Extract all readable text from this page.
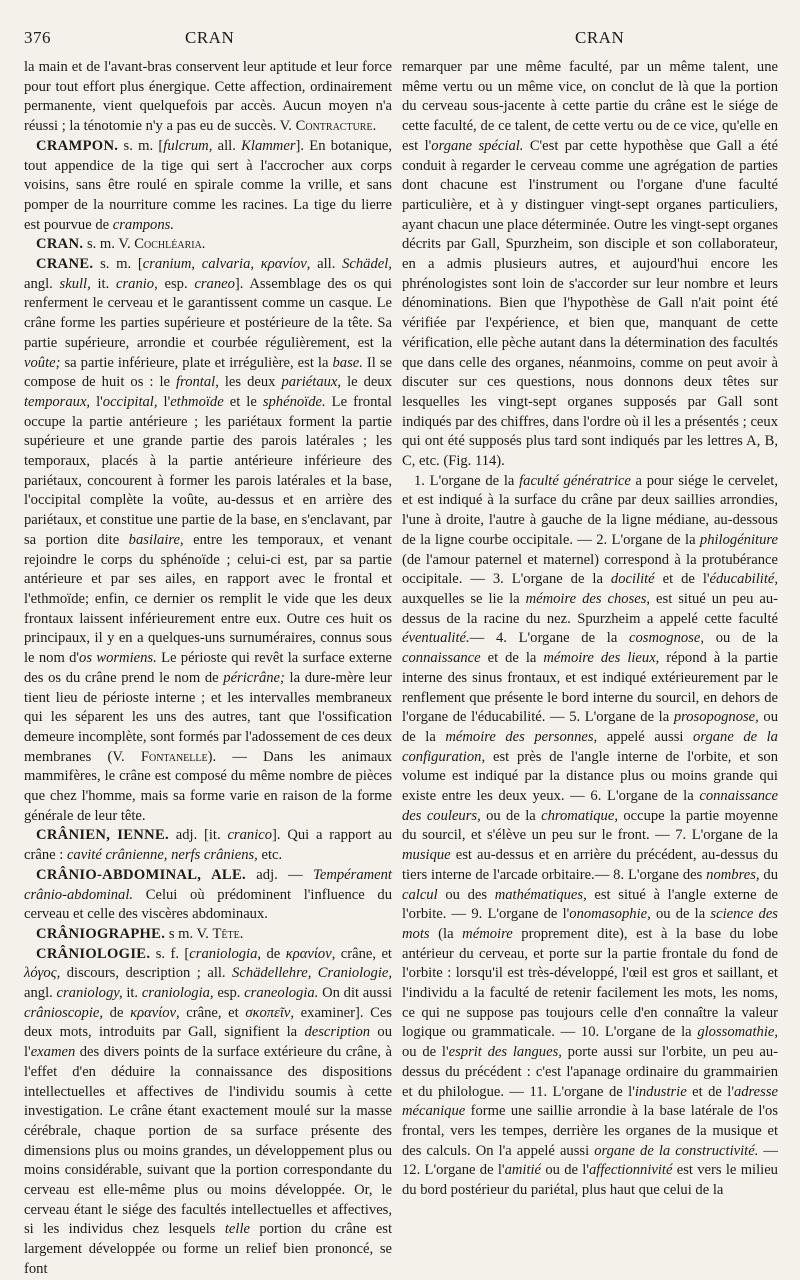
376	CRAN	CRAN

la main et de l'avant-bras conservent leur aptitude et leur force pour tout effort plus énergique. Cette affection, ordinairement permanente, vient quelquefois par accès. Aucun moyen n'a réussi ; la ténotomie n'y a pas eu de succès. V. Contracture.

CRAMPON. s. m. [fulcrum, all. Klammer]. En botanique, tout appendice de la tige qui sert à l'accrocher aux corps voisins, sans être roulé en spirale comme la vrille, et sans pomper de la nourriture comme les racines. La tige du lierre est pourvue de crampons.

CRAN. s. m. V. Cochléaria.

CRANE. s. m. [cranium, calvaria, κρανίον, all. Schädel, angl. skull, it. cranio, esp. craneo]. Assemblage des os qui renferment le cerveau et le garantissent comme un casque. Le crâne forme les parties supérieure et postérieure de la tête. Sa partie supérieure, arrondie et courbée régulièrement, est la voûte; sa partie inférieure, plate et irrégulière, est la base. Il se compose de huit os : le frontal, les deux pariétaux, le deux temporaux, l'occipital, l'ethmoïde et le sphénoïde. Le frontal occupe la partie antérieure ; les pariétaux forment la partie supérieure et une grande partie des parois latérales ; les temporaux, placés à la partie antérieure inférieure des pariétaux, concourent à former les parois latérales et la base, l'occipital complète la voûte, au-dessus et en arrière des pariétaux, et constitue une partie de la base, en s'enclavant, par sa portion dite basilaire, entre les temporaux, et venant rejoindre le corps du sphénoïde ; celui-ci est, par sa partie antérieure et par ses ailes, en rapport avec le frontal et l'ethmoïde; enfin, ce dernier os remplit le vide que les deux frontaux laissent inférieurement entre eux. Outre ces huit os principaux, il y en a quelques-uns surnuméraires, connus sous le nom d'os wormiens. Le périoste qui revêt la surface externe des os du crâne prend le nom de péricrâne; la dure-mère leur tient lieu de périoste interne ; et les intervalles membraneux qui les séparent les uns des autres, tant que l'ossification demeure incomplète, sont formés par l'adossement de ces deux membranes (V. Fontanelle). — Dans les animaux mammifères, le crâne est composé du même nombre de pièces que chez l'homme, mais sa forme varie en raison de la forme générale de leur tête.

CRÂNIEN, IENNE. adj. [it. cranico]. Qui a rapport au crâne : cavité crânienne, nerfs crâniens, etc.

CRÂNIO-ABDOMINAL, ALE. adj. — Tempérament crânio-abdominal. Celui où prédominent l'influence du cerveau et celle des viscères abdominaux.

CRÂNIOGRAPHE. s m. V. Tête.

CRÂNIOLOGIE. s. f. [craniologia, de κρανίον, crâne, et λόγος, discours, description ; all. Schädellehre, Craniologie, angl. craniology, it. craniologia, esp. craneologia. On dit aussi crânioscopie, de κρανίον, crâne, et σκοπεῖν, examiner]. Ces deux mots, introduits par Gall, signifient la description ou l'examen des divers points de la surface extérieure du crâne, à l'effet d'en déduire la connaissance des dispositions intellectuelles et affectives de l'individu soumis à cette investigation. Le crâne étant exactement moulé sur la masse cérébrale, chaque portion de sa surface présente des dimensions plus ou moins grandes, un développement plus ou moins considérable, suivant que la portion correspondante du cerveau est elle-même plus ou moins développée. Or, le cerveau étant le siége des facultés intellectuelles et affectives, si les individus chez lesquels telle portion du crâne est largement développée ou forme un relief bien prononcé, se font

remarquer par une même faculté, par un même talent, une même vertu ou un même vice, on conclut de là que la portion du cerveau sous-jacente à cette partie du crâne est le siége de cette faculté, de ce talent, de cette vertu ou de ce vice, qu'elle en est l'organe spécial. C'est par cette hypothèse que Gall a été conduit à regarder le cerveau comme une agrégation de parties dont chacune est l'instrument ou l'organe d'une faculté particulière, et à y distinguer vingt-sept organes particuliers, ayant chacun une place déterminée. Outre les vingt-sept organes décrits par Gall, Spurzheim, son disciple et son collaborateur, en a admis plusieurs autres, et aujourd'hui encore les phrénologistes sont loin de s'accorder sur leur nombre et leurs dénominations. Bien que l'hypothèse de Gall n'ait point été vérifiée par l'expérience, et bien que, manquant de cette vérification, elle pèche autant dans la détermination des facultés que dans celle des organes, néanmoins, comme on peut avoir à discuter sur ces questions, nous donnons deux têtes sur lesquelles les vingt-sept organes supposés par Gall sont indiqués par des chiffres, dans l'ordre où il les a présentés ; ceux qui ont été supposés plus tard sont indiqués par les lettres A, B, C, etc. (Fig. 114).

1. L'organe de la faculté génératrice a pour siége le cervelet, et est indiqué à la surface du crâne par deux saillies arrondies, l'une à droite, l'autre à gauche de la ligne médiane, au-dessous de la ligne courbe occipitale. — 2. L'organe de la philogéniture (de l'amour paternel et maternel) correspond à la protubérance occipitale. — 3. L'organe de la docilité et de l'éducabilité, auxquelles se lie la mémoire des choses, est situé un peu au-dessus de la racine du nez. Spurzheim a appelé cette faculté éventualité.— 4. L'organe de la cosmognose, ou de la connaissance et de la mémoire des lieux, répond à la partie interne des sinus frontaux, et est indiqué extérieurement par le renflement que présente le bord interne du sourcil, en dehors de l'organe de l'éducabilité. — 5. L'organe de la prosopognose, ou de la mémoire des personnes, appelé aussi organe de la configuration, est près de l'angle interne de l'orbite, et son volume est indiqué par la distance plus ou moins grande qui existe entre les deux yeux. — 6. L'organe de la connaissance des couleurs, ou de la chromatique, occupe la partie moyenne du sourcil, et s'élève un peu sur le front. — 7. L'organe de la musique est au-dessus et en arrière du précédent, au-dessus du tiers interne de l'arcade orbitaire.— 8. L'organe des nombres, du calcul ou des mathématiques, est situé à l'angle externe de l'orbite. — 9. L'organe de l'onomasophie, ou de la science des mots (la mémoire proprement dite), est à la base du lobe antérieur du cerveau, et porte sur la partie frontale du fond de l'orbite : lorsqu'il est très-développé, l'œil est gros et saillant, et l'individu a la faculté de retenir facilement les mots, les noms, ce qui ne suppose pas toujours celle d'en connaître la valeur logique ou grammaticale. — 10. L'organe de la glossomathie, ou de l'esprit des langues, porte aussi sur l'orbite, un peu au-dessus du précédent : c'est l'apanage ordinaire du grammairien et du philologue. — 11. L'organe de l'industrie et de l'adresse mécanique forme une saillie arrondie à la base latérale de l'os frontal, vers les tempes, derrière les organes de la musique et des calculs. On l'a appelé aussi organe de la constructivité. — 12. L'organe de l'amitié ou de l'affectionnivité est vers le milieu du bord postérieur du pariétal, plus haut que celui de la
